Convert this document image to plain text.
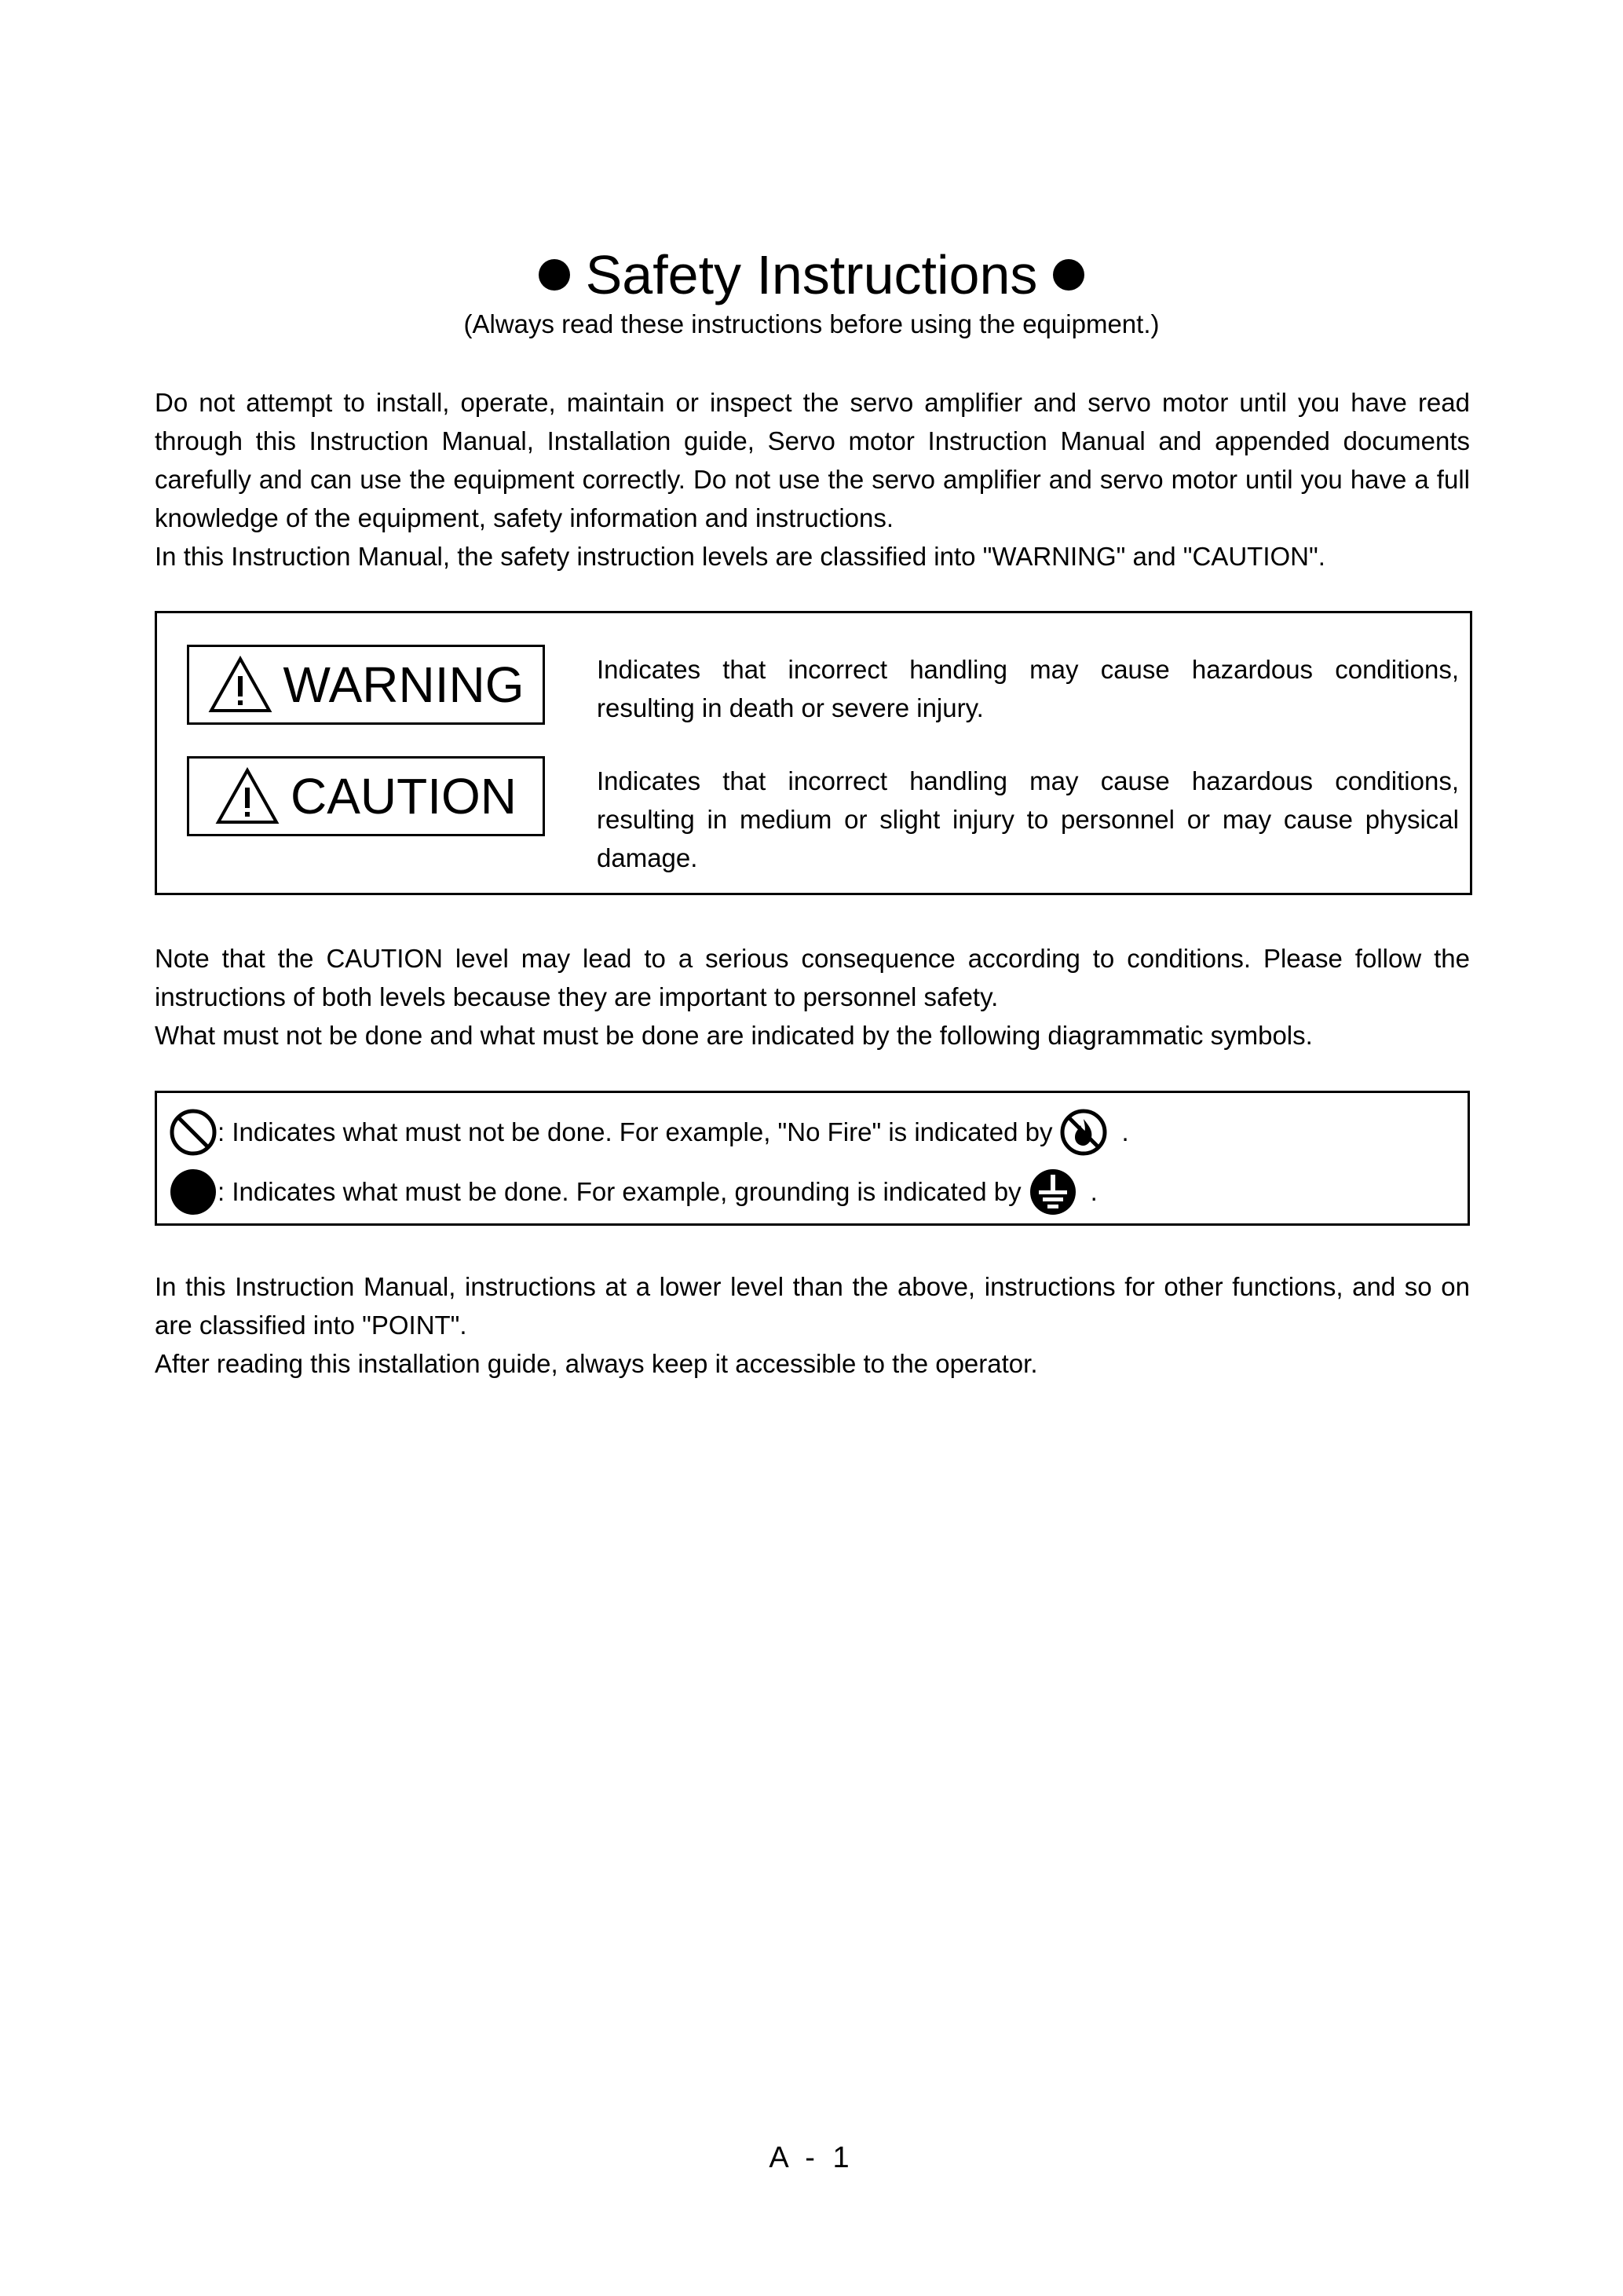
Safety Instructions
(Always read these instructions before using the equipment.)

Do not attempt to install, operate, maintain or inspect the servo amplifier and servo motor until you have read through this Instruction Manual, Installation guide, Servo motor Instruction Manual and appended documents carefully and can use the equipment correctly. Do not use the servo amplifier and servo motor until you have a full knowledge of the equipment, safety information and instructions.

In this Instruction Manual, the safety instruction levels are classified into "WARNING" and "CAUTION".

WARNING	Indicates that incorrect handling may cause hazardous conditions, resulting in death or severe injury.

CAUTION	Indicates that incorrect handling may cause hazardous conditions, resulting in medium or slight injury to personnel or may cause physical damage.

Note that the CAUTION level may lead to a serious consequence according to conditions. Please follow the instructions of both levels because they are important to personnel safety.

What must not be done and what must be done are indicated by the following diagrammatic symbols.

: Indicates what must not be done. For example, "No Fire" is indicated by	.
: Indicates what must be done. For example, grounding is indicated by	.

In this Instruction Manual, instructions at a lower level than the above, instructions for other functions, and so on are classified into "POINT".

After reading this installation guide, always keep it accessible to the operator.

A - 1
